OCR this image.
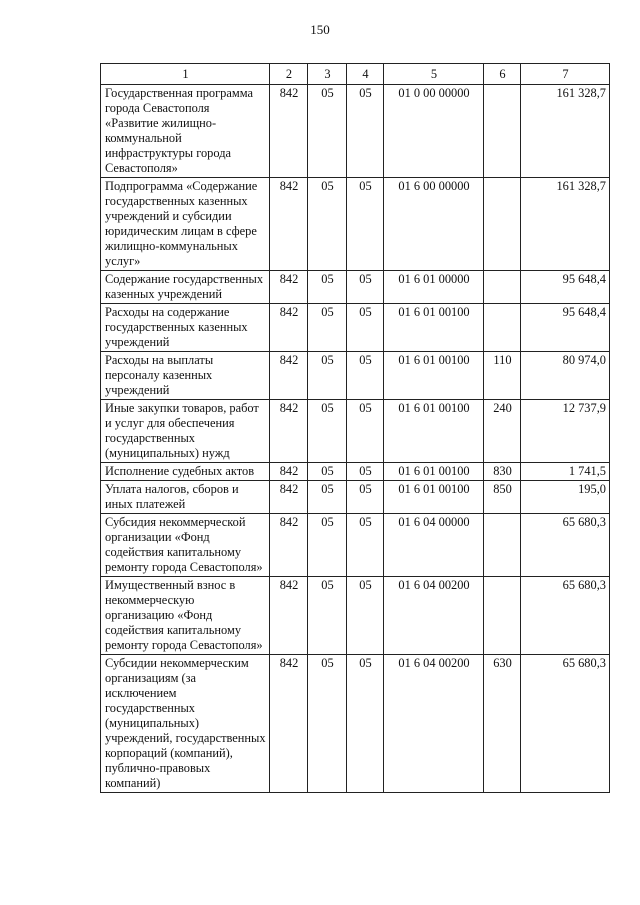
150
1	2	3	4	5	6	7
Государственная программа города Севастополя «Развитие жилищно-коммунальной инфраструктуры города Севастополя»	842	05	05	01 0 00 00000		161 328,7
Подпрограмма «Содержание государственных казенных учреждений и субсидии юридическим лицам в сфере жилищно-коммунальных услуг»	842	05	05	01 6 00 00000		161 328,7
Содержание государственных казенных учреждений	842	05	05	01 6 01 00000		95 648,4
Расходы на содержание государственных казенных учреждений	842	05	05	01 6 01 00100		95 648,4
Расходы на выплаты персоналу казенных учреждений	842	05	05	01 6 01 00100	110	80 974,0
Иные закупки товаров, работ и услуг для обеспечения государственных (муниципальных) нужд	842	05	05	01 6 01 00100	240	12 737,9
Исполнение судебных актов	842	05	05	01 6 01 00100	830	1 741,5
Уплата налогов, сборов и иных платежей	842	05	05	01 6 01 00100	850	195,0
Субсидия некоммерческой организации «Фонд содействия капитальному ремонту города Севастополя»	842	05	05	01 6 04 00000		65 680,3
Имущественный взнос в некоммерческую организацию «Фонд содействия капитальному ремонту города Севастополя»	842	05	05	01 6 04 00200		65 680,3
Субсидии некоммерческим организациям (за исключением государственных (муниципальных) учреждений, государственных корпораций (компаний), публично-правовых компаний)	842	05	05	01 6 04 00200	630	65 680,3
